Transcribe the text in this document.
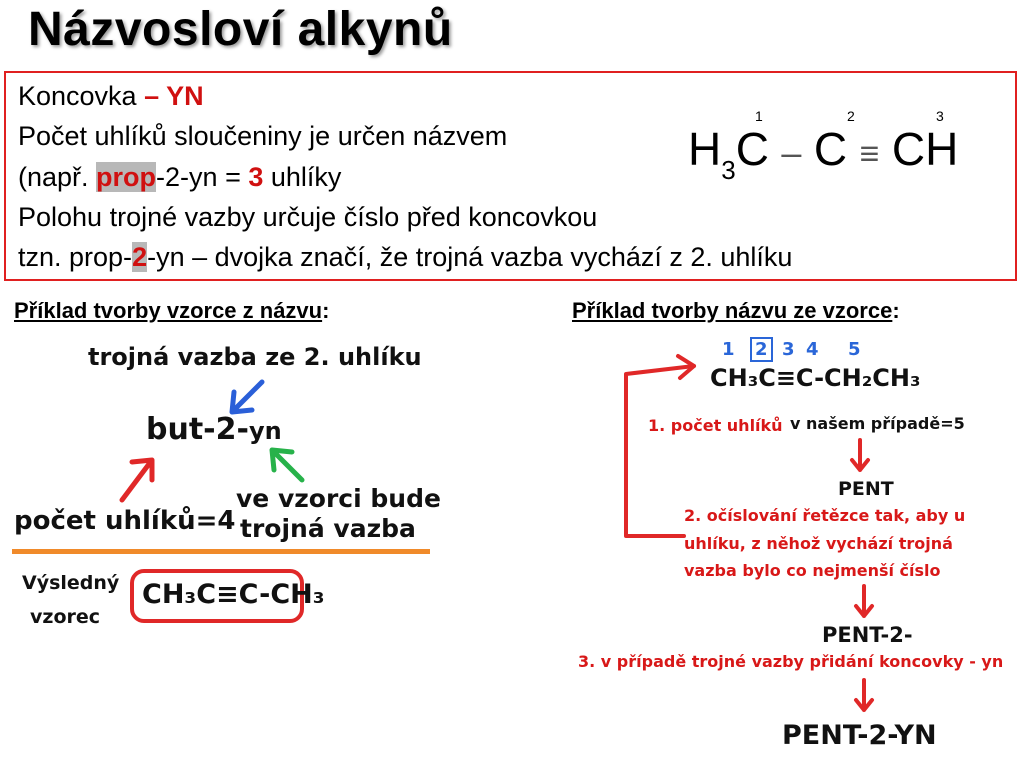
Názvosloví alkynů
Koncovka – YN
Počet uhlíků sloučeniny je určen názvem
(např. prop-2-yn = 3 uhlíky
Polohu trojné vazby určuje číslo před koncovkou
tzn. prop-2-yn – dvojka značí, že trojná vazba vychází z 2. uhlíku
1	2	3
H3C – C ≡ CH
Příklad tvorby vzorce z názvu:
trojná vazba ze 2. uhlíku
but-2-yn
počet uhlíků=4
ve vzorci bude
trojná vazba
Výsledný
vzorec
CH₃C≡C-CH₃
Příklad tvorby názvu ze vzorce:
1 2 3 4 5
CH₃C≡C-CH₂CH₃
1. počet uhlíků v našem případě=5
PENT
2. očíslování řetězce tak, aby u
uhlíku, z něhož vychází trojná
vazba bylo co nejmenší číslo
PENT-2-
3. v případě trojné vazby přidání koncovky - yn
PENT-2-YN
